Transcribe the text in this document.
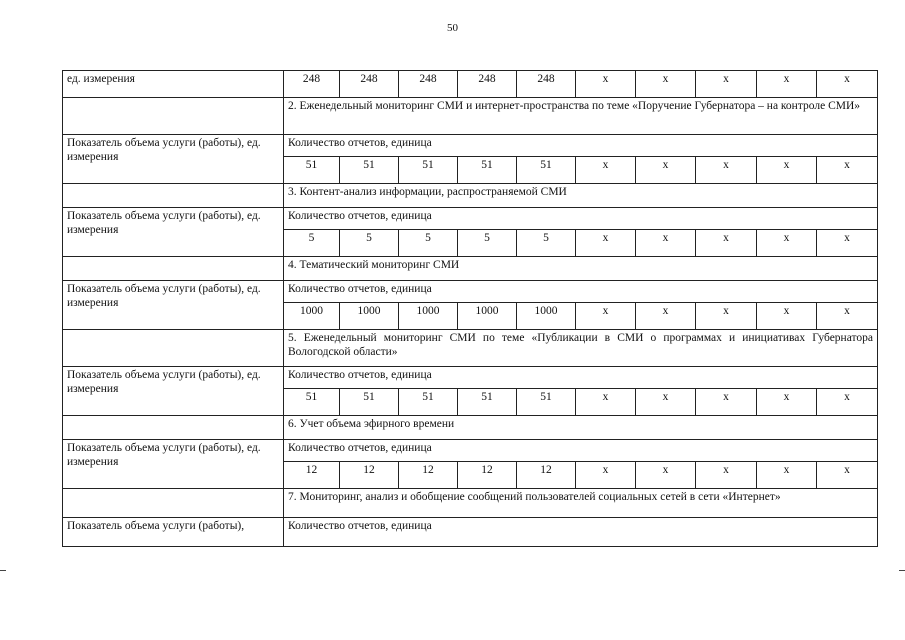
50
ед. измерения	248	248	248	248	248	x	x	x	x	x
	2. Еженедельный мониторинг СМИ и интернет-пространства по теме «Поручение Губернатора – на контроле СМИ»									
Показатель объема услуги (работы), ед. измерения	Количество отчетов, единица									
	51	51	51	51	51	x	x	x	x	x
	3. Контент-анализ информации, распространяемой СМИ									
Показатель объема услуги (работы), ед. измерения	Количество отчетов, единица									
	5	5	5	5	5	x	x	x	x	x
	4. Тематический мониторинг СМИ									
Показатель объема услуги (работы), ед. измерения	Количество отчетов, единица									
	1000	1000	1000	1000	1000	x	x	x	x	x
	5. Еженедельный мониторинг СМИ по теме «Публикации в СМИ о программах и инициативах Губернатора Вологодской области»									
Показатель объема услуги (работы), ед. измерения	Количество отчетов, единица									
	51	51	51	51	51	x	x	x	x	x
	6. Учет объема эфирного времени									
Показатель объема услуги (работы), ед. измерения	Количество отчетов, единица									
	12	12	12	12	12	x	x	x	x	x
	7. Мониторинг, анализ и обобщение сообщений пользователей социальных сетей в сети «Интернет»									
Показатель объема услуги (работы),	Количество отчетов, единица									
